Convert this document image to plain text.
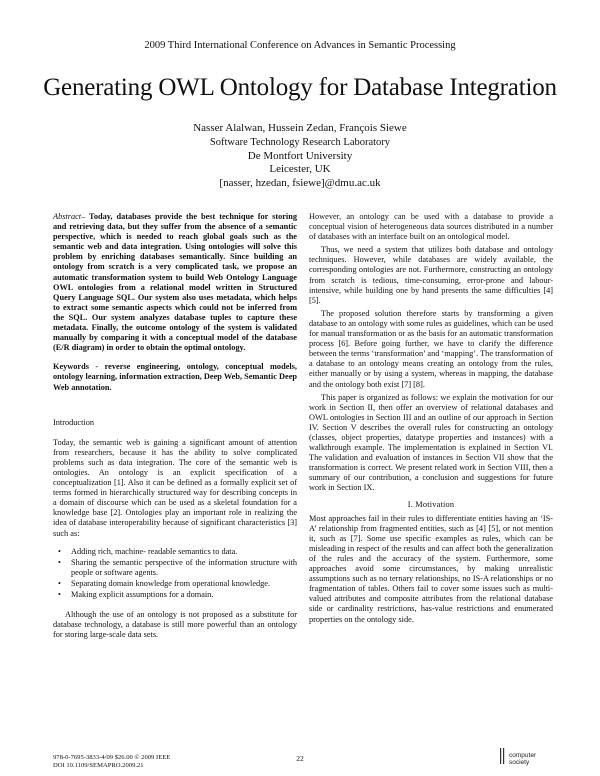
2009 Third International Conference on Advances in Semantic Processing
Generating OWL Ontology for Database Integration
Nasser Alalwan, Hussein Zedan, François Siewe
Software Technology Research Laboratory
De Montfort University
Leicester, UK
[nasser, hzedan, fsiewe]@dmu.ac.uk

Abstract– Today, databases provide the best technique for storing and retrieving data, but they suffer from the absence of a semantic perspective, which is needed to reach global goals such as the semantic web and data integration. Using ontologies will solve this problem by enriching databases semantically. Since building an ontology from scratch is a very complicated task, we propose an automatic transformation system to build Web Ontology Language OWL ontologies from a relational model written in Structured Query Language SQL. Our system also uses metadata, which helps to extract some semantic aspects which could not be inferred from the SQL. Our system analyzes database tuples to capture these metadata. Finally, the outcome ontology of the system is validated manually by comparing it with a conceptual model of the database (E/R diagram) in order to obtain the optimal ontology.

Keywords - reverse engineering, ontology, conceptual models, ontology learning, information extraction, Deep Web, Semantic Deep Web annotation.

Introduction

Today, the semantic web is gaining a significant amount of attention from researchers, because it has the ability to solve complicated problems such as data integration. The core of the semantic web is ontologies. An ontology is an explicit specification of a conceptualization [1]. Also it can be defined as a formally explicit set of terms formed in hierarchically structured way for describing concepts in a domain of discourse which can be used as a skeletal foundation for a knowledge base [2]. Ontologies play an important role in realizing the idea of database interoperability because of significant characteristics [3] such as:

• Adding rich, machine- readable semantics to data.
• Sharing the semantic perspective of the information structure with people or software agents.
• Separating domain knowledge from operational knowledge.
• Making explicit assumptions for a domain.

Although the use of an ontology is not proposed as a substitute for database technology, a database is still more powerful than an ontology for storing large-scale data sets.

However, an ontology can be used with a database to provide a conceptual vision of heterogeneous data sources distributed in a number of databases with an interface built on an ontological model.

Thus, we need a system that utilizes both database and ontology techniques. However, while databases are widely available, the corresponding ontologies are not. Furthermore, constructing an ontology from scratch is tedious, time-consuming, error-prone and labour-intensive, while building one by hand presents the same difficulties [4] [5].

The proposed solution therefore starts by transforming a given database to an ontology with some rules as guidelines, which can be used for manual transformation or as the basis for an automatic transformation process [6]. Before going further, we have to clarify the difference between the terms ‘transformation’ and ‘mapping’. The transformation of a database to an ontology means creating an ontology from the rules, either manually or by using a system, whereas in mapping, the database and the ontology both exist [7] [8].

This paper is organized as follows: we explain the motivation for our work in Section II, then offer an overview of relational databases and OWL ontologies in Section III and an outline of our approach in Section IV. Section V describes the overall rules for constructing an ontology (classes, object properties, datatype properties and instances) with a walkthrough example. The implementation is explained in Section VI. The validation and evaluation of instances in Section VII show that the transformation is correct. We present related work in Section VIII, then a summary of our contribution, a conclusion and suggestions for future work in Section IX.

I. Motivation

Most approaches fail in their rules to differentiate entities having an ‘IS-A’ relationship from fragmented entities, such as [4] [5], or not mention it, such as [7]. Some use specific examples as rules, which can be misleading in respect of the results and can affect both the generalization of the rules and the accuracy of the system. Furthermore, some approaches avoid some circumstances, by making unrealistic assumptions such as no ternary relationships, no IS-A relationships or no fragmentation of tables. Others fail to cover some issues such as multi-valued attributes and composite attributes from the relational database side or cardinality restrictions, has-value restrictions and enumerated properties on the ontology side.

978-0-7695-3833-4/09 $26.00 © 2009 IEEE
DOI 10.1109/SEMAPRO.2009.21
22	computer
society
